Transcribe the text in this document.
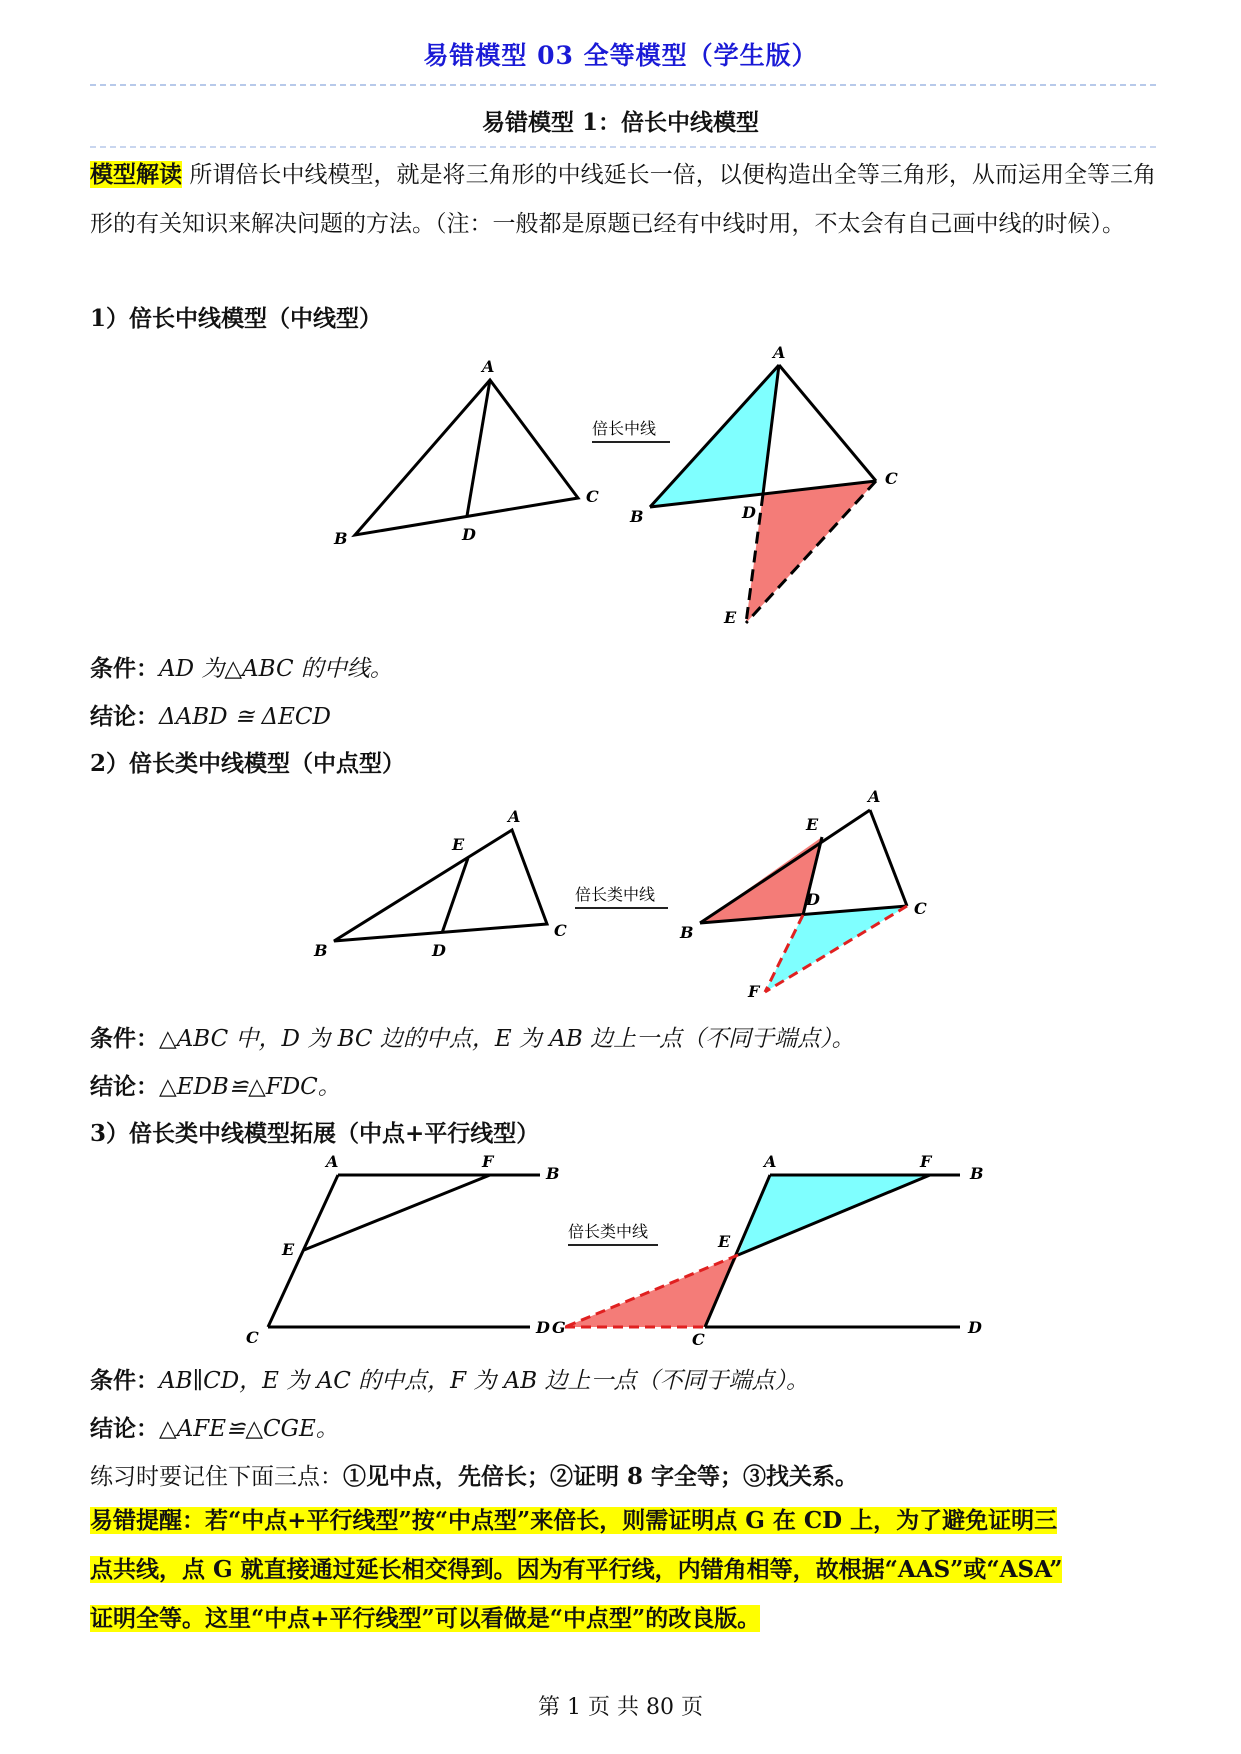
易错模型 03 全等模型（学生版）
易错模型 1：倍长中线模型
模型解读 所谓倍长中线模型，就是将三角形的中线延长一倍，以便构造出全等三角形，从而运用全等三角形的有关知识来解决问题的方法。（注：一般都是原题已经有中线时用，不太会有自己画中线的时候）。
1）倍长中线模型（中线型）
A
B
C
D
倍长中线
A
B
C
D
E
条件：AD 为△ABC 的中线。
结论：ΔABD ≅ ΔECD
2）倍长类中线模型（中点型）
A
E
B	D
C
倍长类中线
A
E
D
B
C
F
条件：△ABC 中，D 为 BC 边的中点，E 为 AB 边上一点（不同于端点）。
结论：△EDB≌△FDC。
3）倍长类中线模型拓展（中点+平行线型）
A	F
B
E
C
D
倍长类中线
A	F
B
E
G
C
D
条件：AB∥CD，E 为 AC 的中点，F 为 AB 边上一点（不同于端点）。
结论：△AFE≌△CGE。
练习时要记住下面三点：①见中点，先倍长；②证明 8 字全等；③找关系。
易错提醒：若“中点+平行线型”按“中点型”来倍长，则需证明点 G 在 CD 上，为了避免证明三
点共线，点 G 就直接通过延长相交得到。因为有平行线，内错角相等，故根据“AAS”或“ASA”
证明全等。这里“中点+平行线型”可以看做是“中点型”的改良版。
第 1 页 共 80 页
